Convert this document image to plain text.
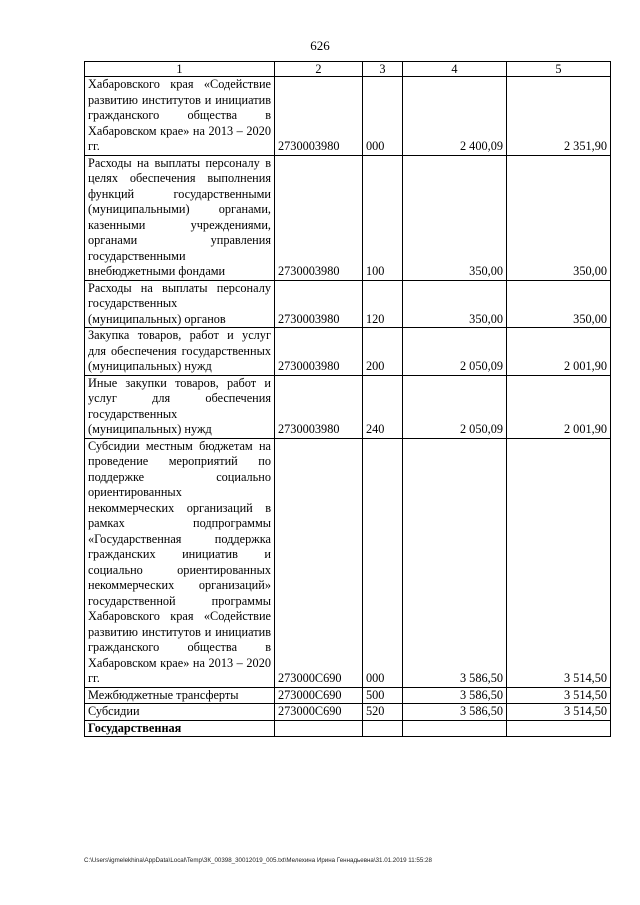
626
1	2	3	4	5
Хабаровского края «Содействие развитию институтов и инициатив гражданского общества в Хабаровском крае» на 2013 – 2020 гг.	2730003980	000	2 400,09	2 351,90
Расходы на выплаты персоналу в целях обеспечения выполнения функций государственными (муниципальными) органами, казенными учреждениями, органами управления государственными внебюджетными фондами	2730003980	100	350,00	350,00
Расходы на выплаты персоналу государственных (муниципальных) органов	2730003980	120	350,00	350,00
Закупка товаров, работ и услуг для обеспечения государственных (муниципальных) нужд	2730003980	200	2 050,09	2 001,90
Иные закупки товаров, работ и услуг для обеспечения государственных (муниципальных) нужд	2730003980	240	2 050,09	2 001,90
Субсидии местным бюджетам на проведение мероприятий по поддержке социально ориентированных некоммерческих организаций в рамках подпрограммы «Государственная поддержка гражданских инициатив и социально ориентированных некоммерческих организаций» государственной программы Хабаровского края «Содействие развитию институтов и инициатив гражданского общества в Хабаровском крае» на 2013 – 2020 гг.	273000С690	000	3 586,50	3 514,50
Межбюджетные трансферты	273000С690	500	3 586,50	3 514,50
Субсидии	273000С690	520	3 586,50	3 514,50
Государственная				
C:\Users\igmelekhina\AppData\Local\Temp\ЗК_00398_30012019_005.txt\Мелехина Ирина Геннадьевна\31.01.2019 11:55:28
